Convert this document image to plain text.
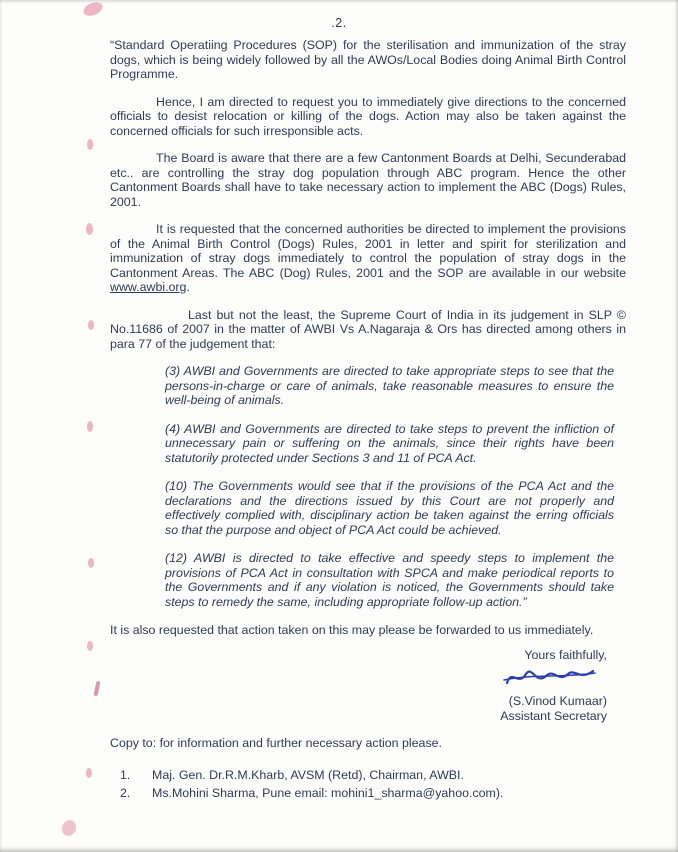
.2.

“Standard Operatiing Procedures (SOP) for the sterilisation and immunization of the stray dogs, which is being widely followed by all the AWOs/Local Bodies doing Animal Birth Control Programme.

Hence, I am directed to request you to immediately give directions to the concerned officials to desist relocation or killing of the dogs. Action may also be taken against the concerned officials for such irresponsible acts.

The Board is aware that there are a few Cantonment Boards at Delhi, Secunderabad etc.. are controlling the stray dog population through ABC program. Hence the other Cantonment Boards shall have to take necessary action to implement the ABC (Dogs) Rules, 2001.

It is requested that the concerned authorities be directed to implement the provisions of the Animal Birth Control (Dogs) Rules, 2001 in letter and spirit for sterilization and immunization of stray dogs immediately to control the population of stray dogs in the Cantonment Areas. The ABC (Dog) Rules, 2001 and the SOP are available in our website www.awbi.org.

Last but not the least, the Supreme Court of India in its judgement in SLP © No.11686 of 2007 in the matter of AWBI Vs A.Nagaraja & Ors has directed among others in para 77 of the judgement that:

(3) AWBI and Governments are directed to take appropriate steps to see that the persons-in-charge or care of animals, take reasonable measures to ensure the well-being of animals.

(4) AWBI and Governments are directed to take steps to prevent the infliction of unnecessary pain or suffering on the animals, since their rights have been statutorily protected under Sections 3 and 11 of PCA Act.

(10) The Governments would see that if the provisions of the PCA Act and the declarations and the directions issued by this Court are not properly and effectively complied with, disciplinary action be taken against the erring officials so that the purpose and object of PCA Act could be achieved.

(12) AWBI is directed to take effective and speedy steps to implement the provisions of PCA Act in consultation with SPCA and make periodical reports to the Governments and if any violation is noticed, the Governments should take steps to remedy the same, including appropriate follow-up action.”

It is also requested that action taken on this may please be forwarded to us immediately.

Yours faithfully,
(S.Vinod Kumaar)
Assistant Secretary

Copy to: for information and further necessary action please.

1.	Maj. Gen. Dr.R.M.Kharb, AVSM (Retd), Chairman, AWBI.
2.	Ms.Mohini Sharma, Pune email: mohini1_sharma@yahoo.com).
